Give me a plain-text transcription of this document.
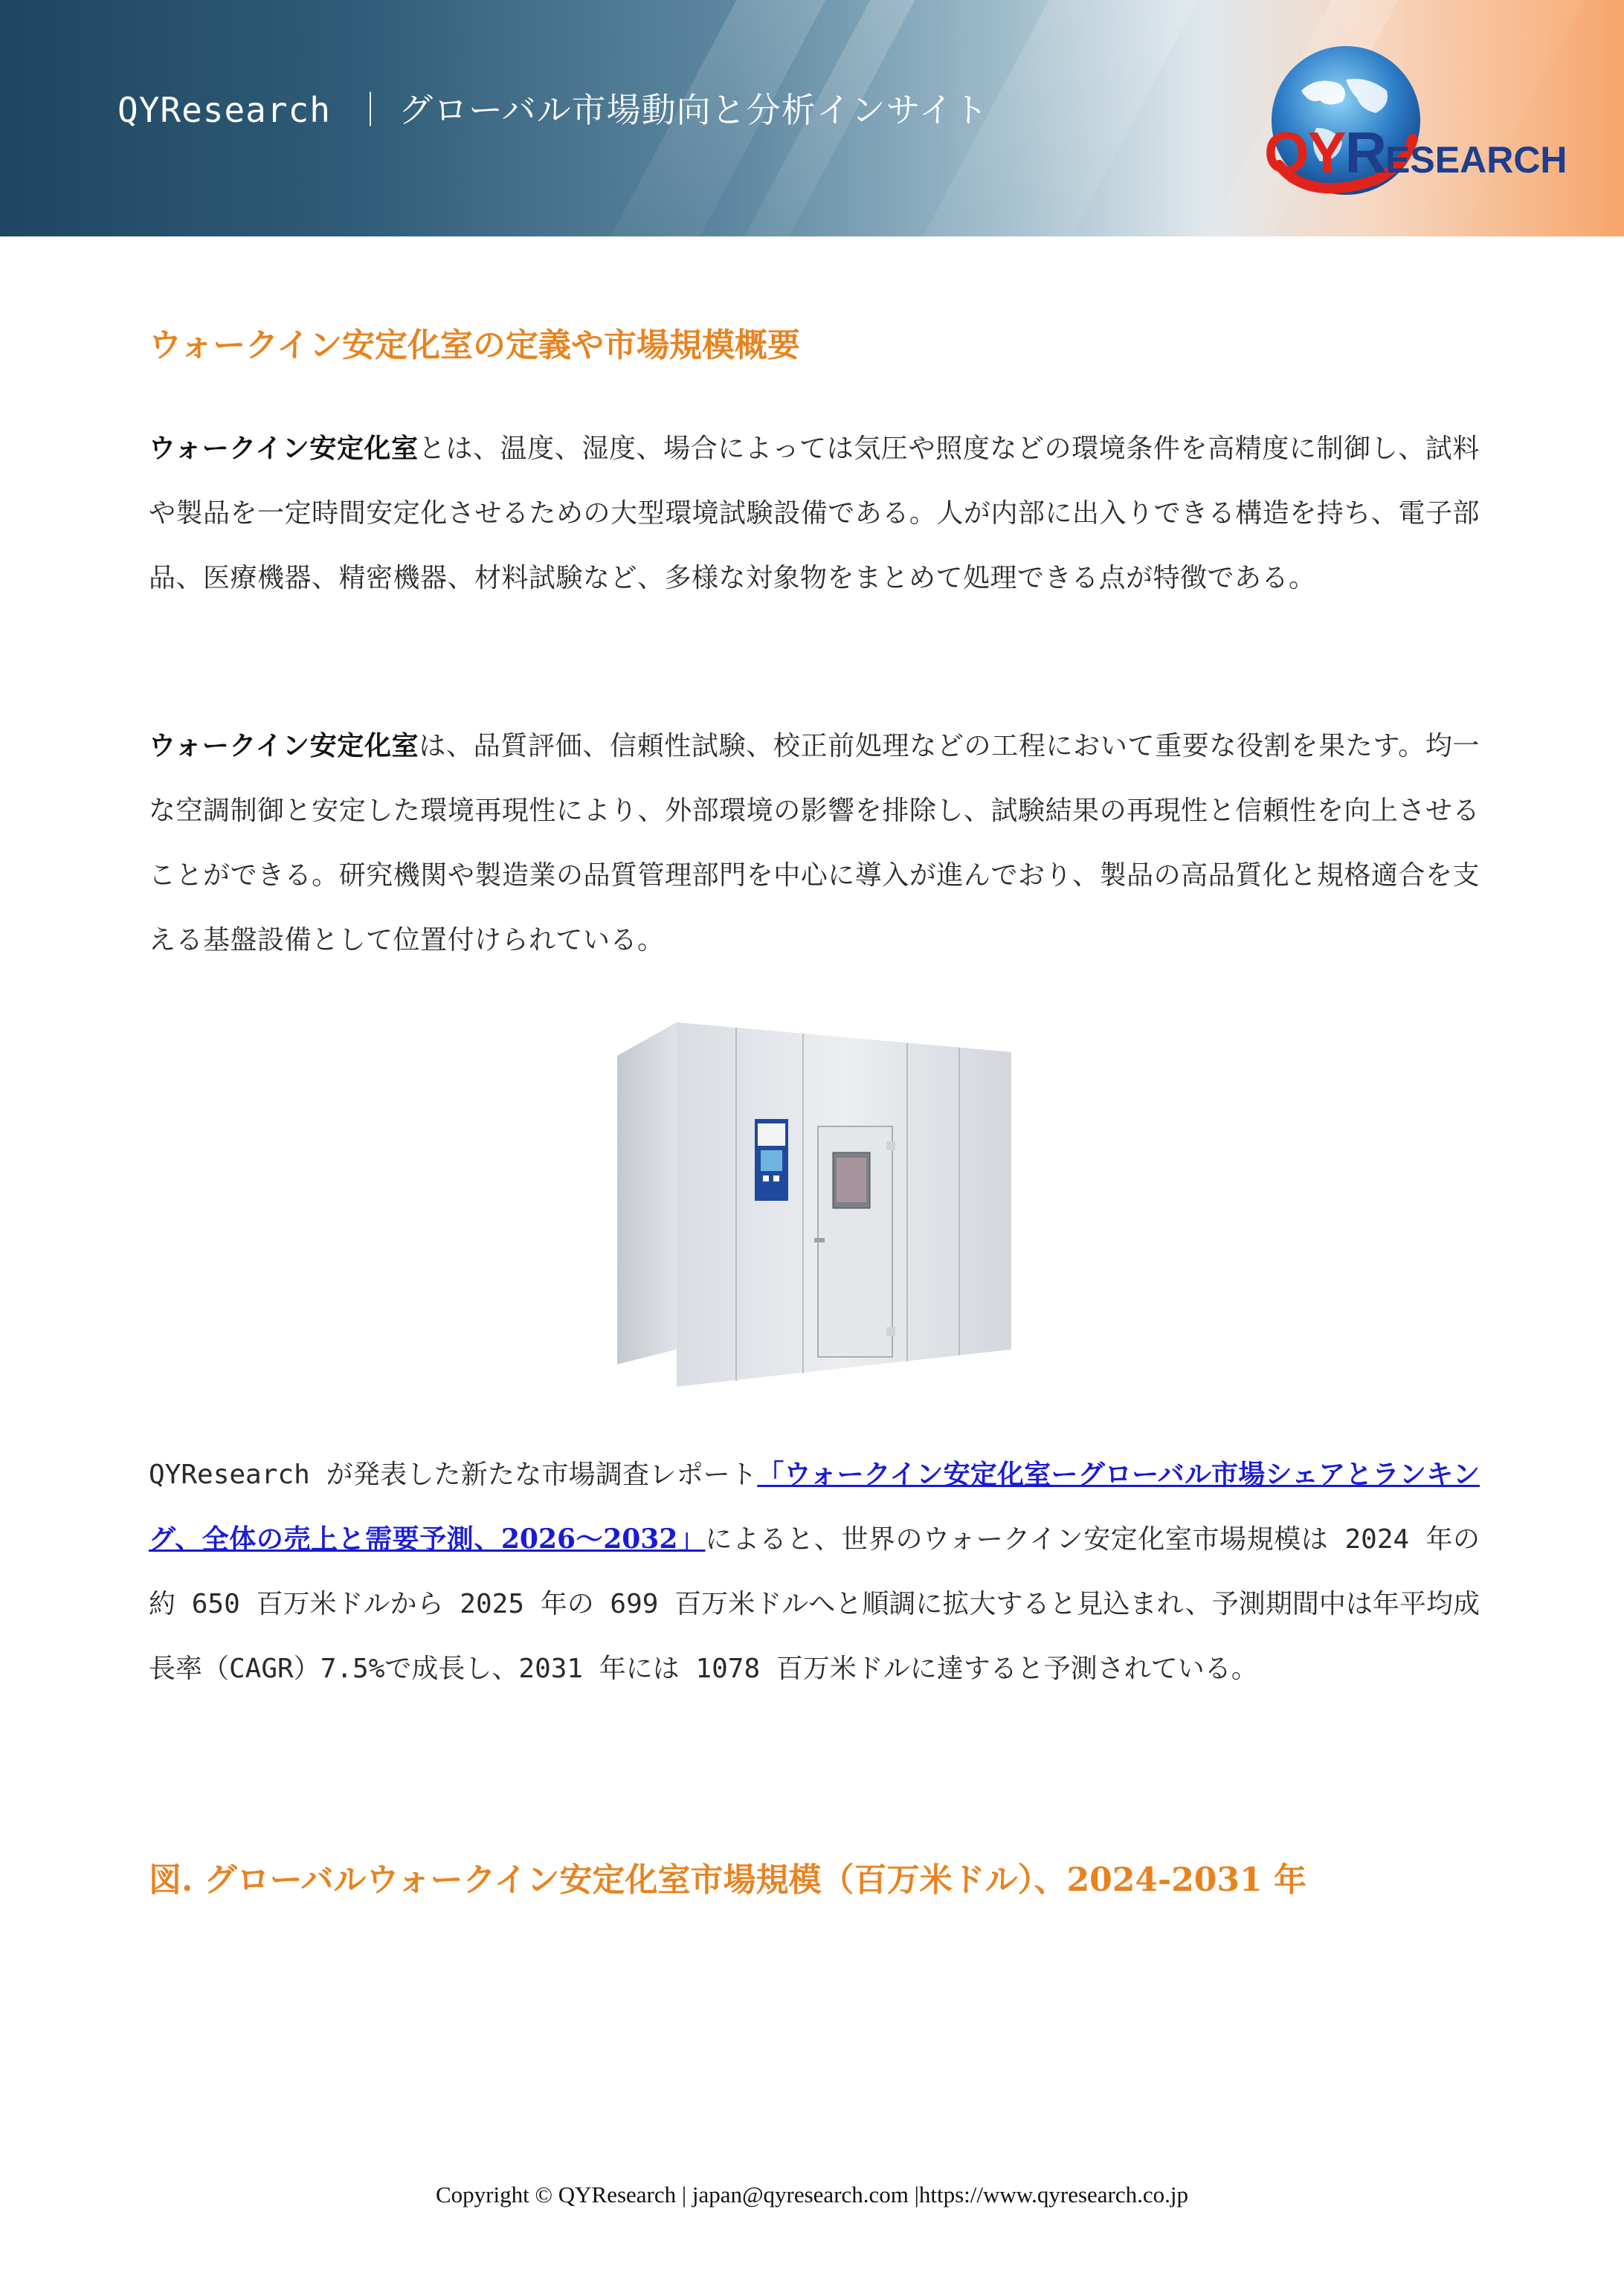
QYResearch ｜ グローバル市場動向と分析インサイト
QYRESEARCH
ウォークイン安定化室の定義や市場規模概要
ウォークイン安定化室とは、温度、湿度、場合によっては気圧や照度などの環境条件を高精度に制御し、試料や製品を一定時間安定化させるための大型環境試験設備である。人が内部に出入りできる構造を持ち、電子部品、医療機器、精密機器、材料試験など、多様な対象物をまとめて処理できる点が特徴である。
ウォークイン安定化室は、品質評価、信頼性試験、校正前処理などの工程において重要な役割を果たす。均一な空調制御と安定した環境再現性により、外部環境の影響を排除し、試験結果の再現性と信頼性を向上させることができる。研究機関や製造業の品質管理部門を中心に導入が進んでおり、製品の高品質化と規格適合を支える基盤設備として位置付けられている。
QYResearch が発表した新たな市場調査レポート「ウォークイン安定化室ーグローバル市場シェアとランキング、全体の売上と需要予測、2026～2032」によると、世界のウォークイン安定化室市場規模は 2024 年の約 650 百万米ドルから 2025 年の 699 百万米ドルへと順調に拡大すると見込まれ、予測期間中は年平均成長率（CAGR）7.5%で成長し、2031 年には 1078 百万米ドルに達すると予測されている。
図. グローバルウォークイン安定化室市場規模（百万米ドル）、2024-2031 年
Copyright © QYResearch | japan@qyresearch.com |https://www.qyresearch.co.jp
